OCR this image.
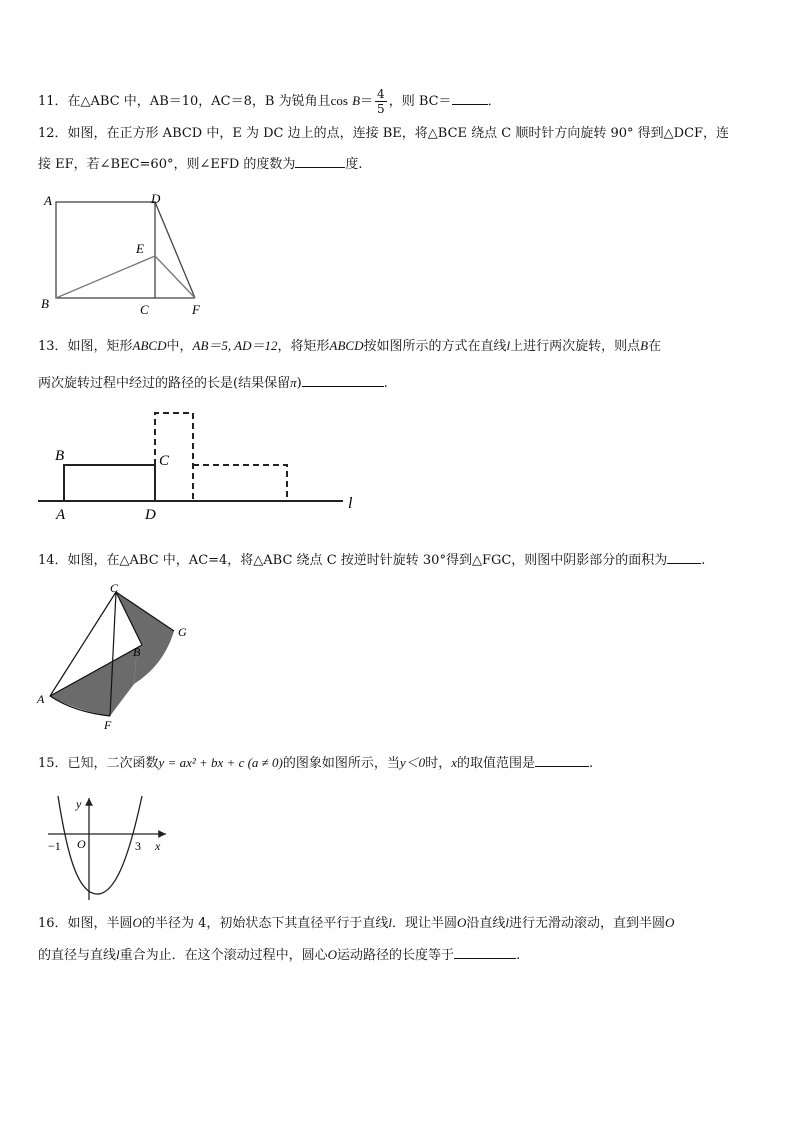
11．在△ABC 中，AB＝10，AC＝8，B 为锐角且$\cos B= \frac{4}{5}$ ，则 BC＝	．
12．如图，在正方形 ABCD 中，E 为 DC 边上的点，连接 BE，将△BCE 绕点 C 顺时针方向旋转 90° 得到△DCF，连
接 EF，若∠BEC=60°，则∠EFD 的度数为	度.
A	D
E
B	C	F
13．如图，矩形ABCD中，AB＝5, AD＝12，将矩形ABCD按如图所示的方式在直线l上进行两次旋转，则点B在
两次旋转过程中经过的路径的长是(结果保留π)	.
B	C
A	D
l
14．如图，在△ABC 中，AC=4，将△ABC 绕点 C 按逆时针旋转 30°得到△FGC，则图中阴影部分的面积为	.
C
G
B
A
F
15．已知，二次函数y = ax² + bx + c (a ≠ 0)的图象如图所示，当y＜0时，x的取值范围是	.
y
x
O
−1	3
16．如图，半圆O的半径为 4，初始状态下其直径平行于直线l．现让半圆O沿直线l进行无滑动滚动，直到半圆O
的直径与直线l重合为止．在这个滚动过程中，圆心O运动路径的长度等于	.
